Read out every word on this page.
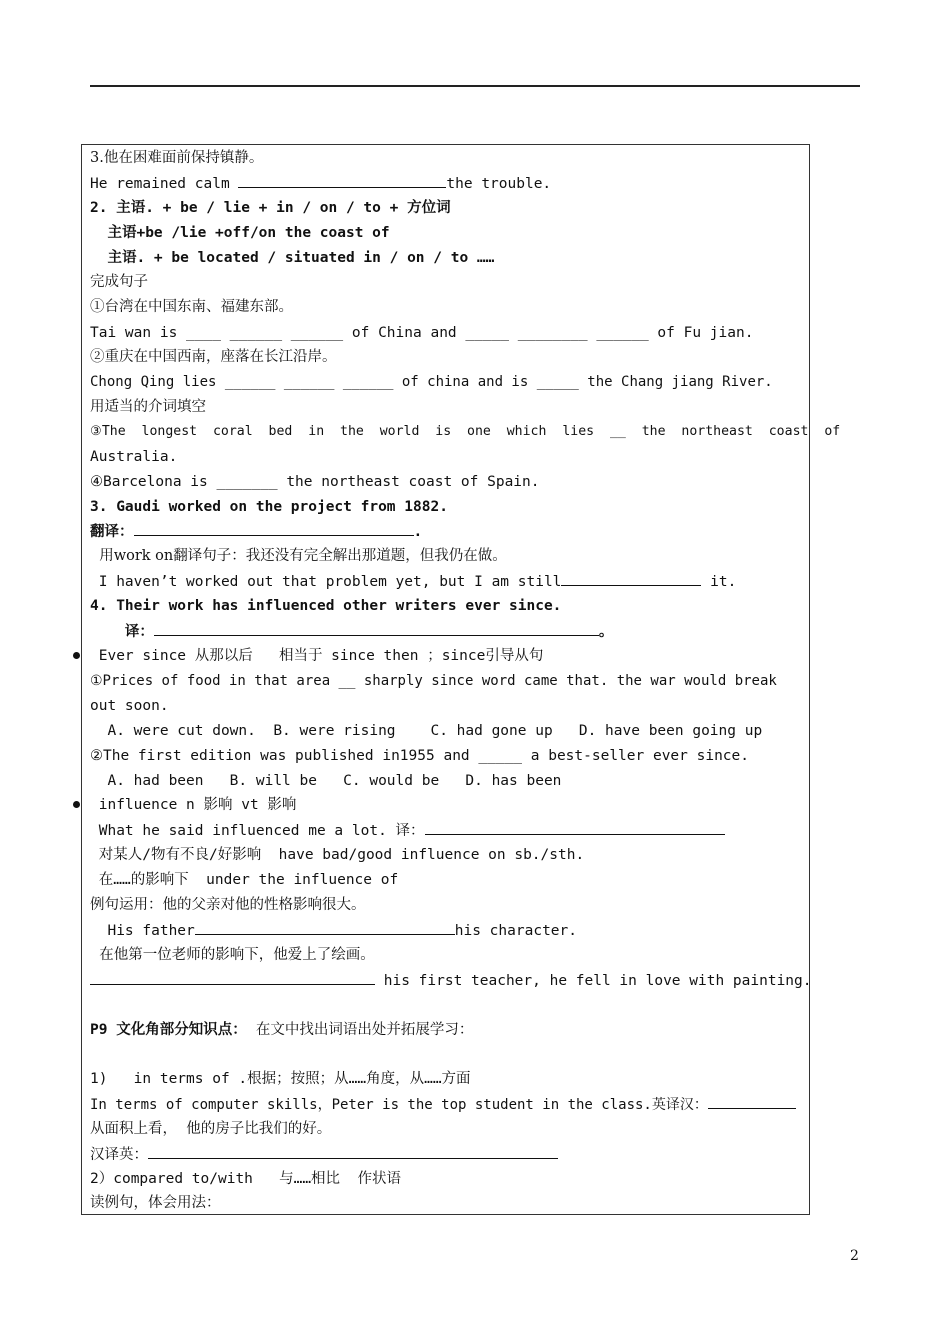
3.他在困难面前保持镇静。
He remained calm	the trouble.
2. 主语. + be / lie + in / on / to + 方位词
主语+be /lie +off/on the coast of
主语. + be located / situated in / on / to ……
完成句子
①台湾在中国东南、福建东部。
Tai wan is ____ ______ ______ of China and _____ ________ ______ of Fu jian.
②重庆在中国西南，座落在长江沿岸。
Chong Qing lies ______ ______ ______ of china and is _____ the Chang jiang River.
用适当的介词填空
③The  longest  coral  bed  in  the  world  is  one  which  lies  __  the  northeast  coast  of
Australia.
④Barcelona is _______ the northeast coast of Spain.
3. Gaudi worked on the project from 1882.
翻译：	.
用work on翻译句子：我还没有完全解出那道题，但我仍在做。
I haven’t worked out that problem yet, but I am still	it.
4. Their work has influenced other writers ever since.
译：	。
Ever since 从那以后   相当于 since then ；since引导从句
①Prices of food in that area __ sharply since word came that. the war would break
out soon.
A. were cut down.  B. were rising    C. had gone up   D. have been going up
②The first edition was published in1955 and _____ a best-seller ever since.
A. had been   B. will be   C. would be   D. has been
influence n 影响 vt 影响
What he said influenced me a lot. 译：
对某人/物有不良/好影响  have bad/good influence on sb./sth.
在……的影响下  under the influence of
例句运用：他的父亲对他的性格影响很大。
His father	his character.
在他第一位老师的影响下，他爱上了绘画。
his first teacher, he fell in love with painting.
P9 文化角部分知识点：  在文中找出词语出处并拓展学习：
1)   in terms of .根据；按照；从……角度，从……方面
In terms of computer skills，Peter is the top student in the class.英译汉：
从面积上看，  他的房子比我们的好。
汉译英：
2）compared to/with   与……相比  作状语
读例句，体会用法：
2
